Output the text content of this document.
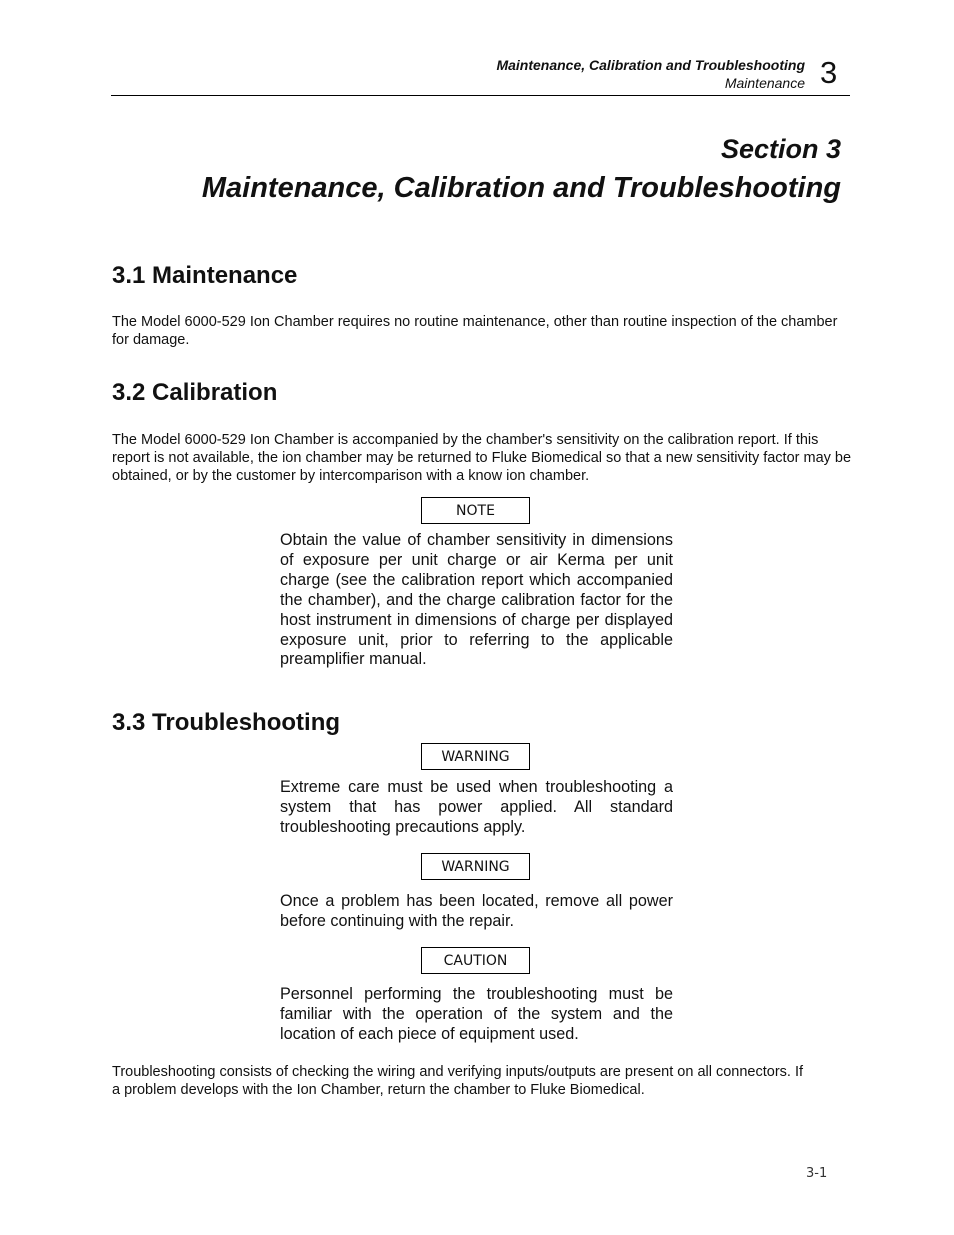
Maintenance, Calibration and Troubleshooting
Maintenance 3
Section 3
Maintenance, Calibration and Troubleshooting
3.1 Maintenance
The Model 6000-529 Ion Chamber requires no routine maintenance, other than routine inspection of the chamber for damage.
3.2 Calibration
The Model 6000-529 Ion Chamber is accompanied by the chamber's sensitivity on the calibration report. If this report is not available, the ion chamber may be returned to Fluke Biomedical so that a new sensitivity factor may be obtained, or by the customer by intercomparison with a know ion chamber.
NOTE
Obtain the value of chamber sensitivity in dimensions of exposure per unit charge or air Kerma per unit charge (see the calibration report which accompanied the chamber), and the charge calibration factor for the host instrument in dimensions of charge per displayed exposure unit, prior to referring to the applicable preamplifier manual.
3.3 Troubleshooting
WARNING
Extreme care must be used when troubleshooting a system that has power applied. All standard troubleshooting precautions apply.
WARNING
Once a problem has been located, remove all power before continuing with the repair.
CAUTION
Personnel performing the troubleshooting must be familiar with the operation of the system and the location of each piece of equipment used.
Troubleshooting consists of checking the wiring and verifying inputs/outputs are present on all connectors. If a problem develops with the Ion Chamber, return the chamber to Fluke Biomedical.
3-1
